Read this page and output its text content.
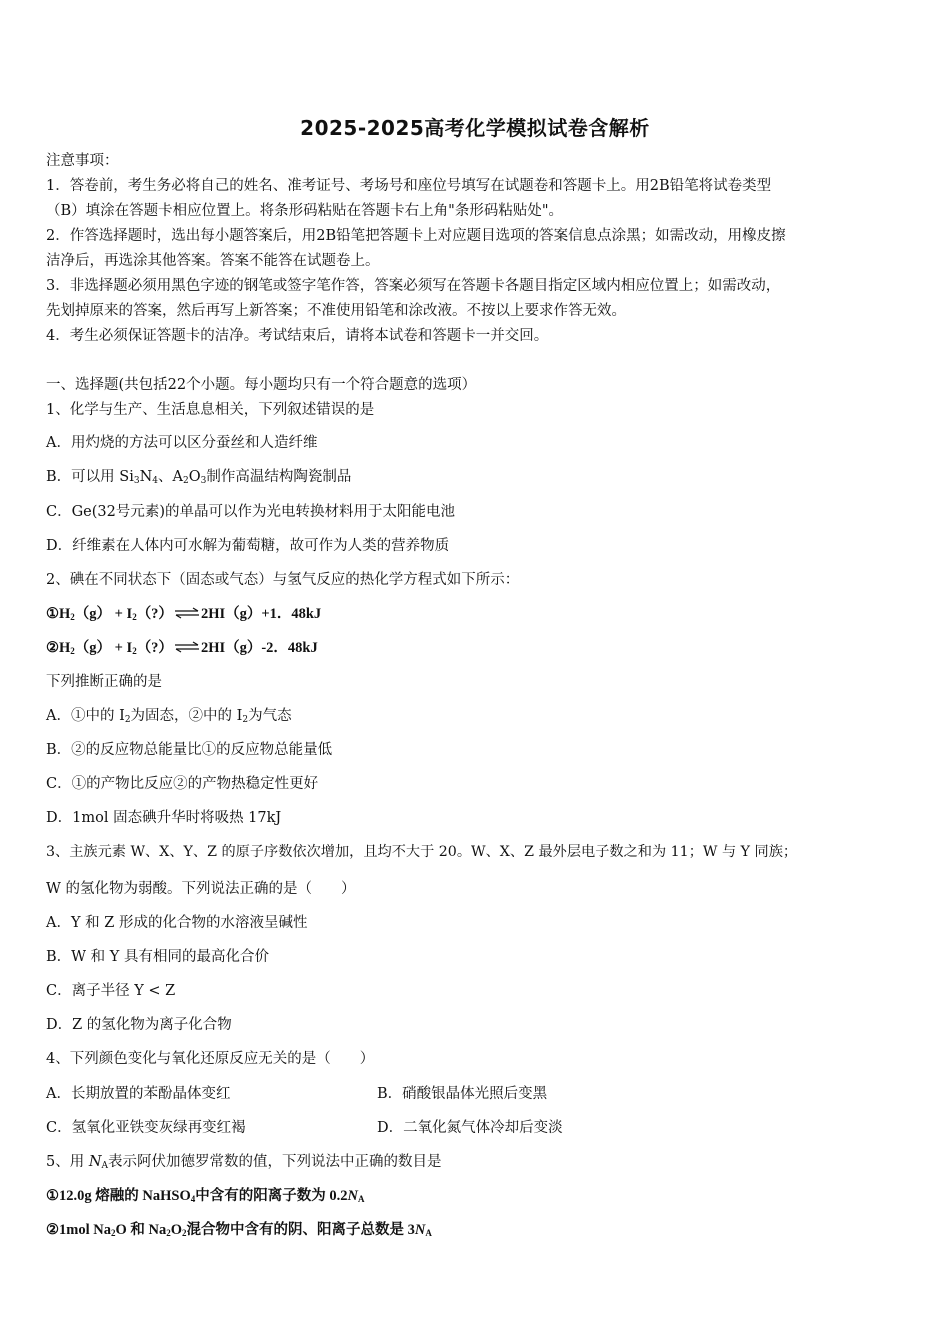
2025-2025高考化学模拟试卷含解析
注意事项：
1．答卷前，考生务必将自己的姓名、准考证号、考场号和座位号填写在试题卷和答题卡上。用2B铅笔将试卷类型
（B）填涂在答题卡相应位置上。将条形码粘贴在答题卡右上角"条形码粘贴处"。
2．作答选择题时，选出每小题答案后，用2B铅笔把答题卡上对应题目选项的答案信息点涂黑；如需改动，用橡皮擦
洁净后，再选涂其他答案。答案不能答在试题卷上。
3．非选择题必须用黑色字迹的钢笔或签字笔作答，答案必须写在答题卡各题目指定区域内相应位置上；如需改动，
先划掉原来的答案，然后再写上新答案；不准使用铅笔和涂改液。不按以上要求作答无效。
4．考生必须保证答题卡的洁净。考试结束后，请将本试卷和答题卡一并交回。
一、选择题(共包括22个小题。每小题均只有一个符合题意的选项）
1、化学与生产、生活息息相关，下列叙述错误的是
A．用灼烧的方法可以区分蚕丝和人造纤维
B．可以用 $Si_3N_4$、$A_2O_3$制作高温结构陶瓷制品
C．Ge(32号元素)的单晶可以作为光电转换材料用于太阳能电池
D．纤维素在人体内可水解为葡萄糖，故可作为人类的营养物质
2、碘在不同状态下（固态或气态）与氢气反应的热化学方程式如下所示：
$①H_2(g)$ + $I_2(?)\rightleftharpoons 2HI(g)+1$．48kJ
$②H_2(g)$ + $I_2(?)\rightleftharpoons 2HI(g)-2$．48kJ
下列推断正确的是
A．①中的 $I_2$为固态，②中的 $I_2$为气态
B．②的反应物总能量比①的反应物总能量低
C．①的产物比反应②的产物热稳定性更好
D．1mol 固态碘升华时将吸热 17kJ
3、主族元素 W、X、Y、Z 的原子序数依次增加，且均不大于 20。W、X、Z 最外层电子数之和为 11；W 与 Y 同族；
W 的氢化物为弱酸。下列说法正确的是（　　）
A．Y 和 Z 形成的化合物的水溶液呈碱性
B．W 和 Y 具有相同的最高化合价
C．离子半径 Y < Z
D．Z 的氢化物为离子化合物
4、下列颜色变化与氧化还原反应无关的是（　　）
A．长期放置的苯酚晶体变红	B．硝酸银晶体光照后变黑
C．氢氧化亚铁变灰绿再变红褐	D．二氧化氮气体冷却后变淡
5、用 $N_A$表示阿伏加德罗常数的值，下列说法中正确的数目是
①12.0g 熔融的 NaHSO$_4$中含有的阳离子数为 $0.2N_A$
②1mol $Na_2O$ 和 $Na_2O_2$混合物中含有的阴、阳离子总数是 $3N_A$
